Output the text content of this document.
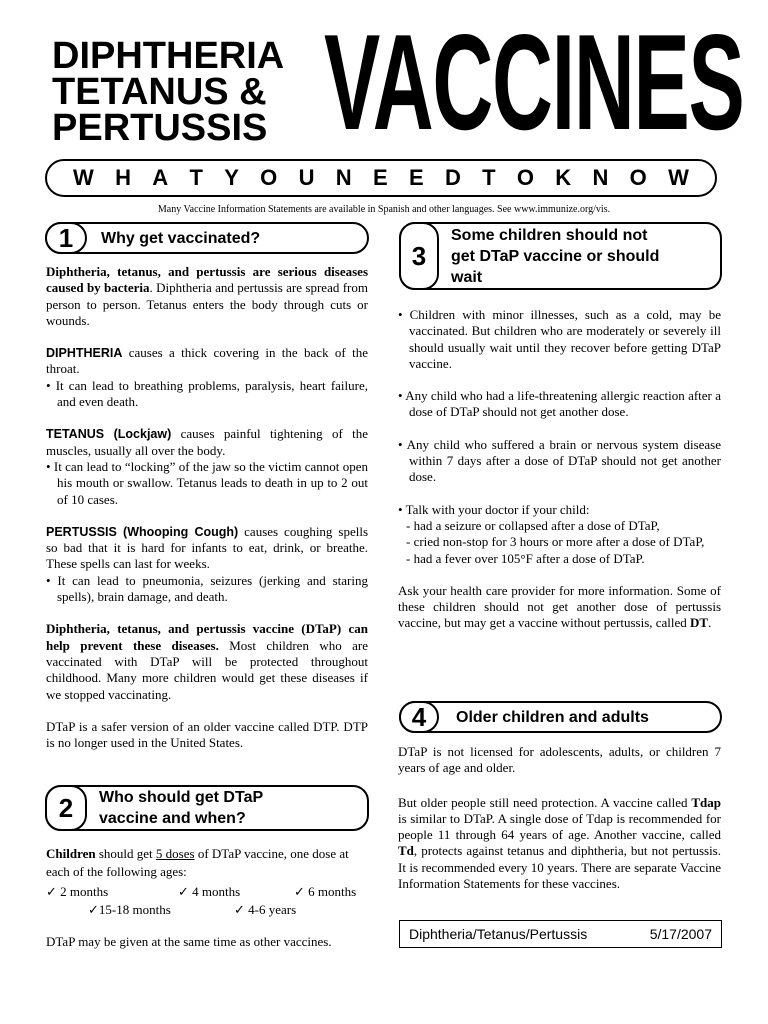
DIPHTHERIA
TETANUS &
PERTUSSIS VACCINES
W H A T Y O U N E E D T O K N O W
Many Vaccine Information Statements are available in Spanish and other languages. See www.immunize.org/vis.
1	Why get vaccinated?

Diphtheria, tetanus, and pertussis are serious diseases caused by bacteria. Diphtheria and pertussis are spread from person to person. Tetanus enters the body through cuts or wounds.

DIPHTHERIA causes a thick covering in the back of the throat.

• It can lead to breathing problems, paralysis, heart failure, and even death.

TETANUS (Lockjaw) causes painful tightening of the muscles, usually all over the body.

• It can lead to “locking” of the jaw so the victim cannot open his mouth or swallow. Tetanus leads to death in up to 2 out of 10 cases.

PERTUSSIS (Whooping Cough) causes coughing spells so bad that it is hard for infants to eat, drink, or breathe. These spells can last for weeks.

• It can lead to pneumonia, seizures (jerking and staring spells), brain damage, and death.

Diphtheria, tetanus, and pertussis vaccine (DTaP) can help prevent these diseases. Most children who are vaccinated with DTaP will be protected throughout childhood. Many more children would get these diseases if we stopped vaccinating.

DTaP is a safer version of an older vaccine called DTP. DTP is no longer used in the United States.

2	Who should get DTaP
vaccine and when?

Children should get 5 doses of DTaP vaccine, one dose at each of the following ages:

✓ 2 months	✓ 4 months	✓ 6 months
✓15-18 months	✓ 4-6 years

DTaP may be given at the same time as other vaccines.

3
Some children should not
get DTaP vaccine or should
wait

• Children with minor illnesses, such as a cold, may be vaccinated. But children who are moderately or severely ill should usually wait until they recover before getting DTaP vaccine.

• Any child who had a life-threatening allergic reaction after a dose of DTaP should not get another dose.

• Any child who suffered a brain or nervous system disease within 7 days after a dose of DTaP should not get another dose.

• Talk with your doctor if your child:

- had a seizure or collapsed after a dose of DTaP,

- cried non-stop for 3 hours or more after a dose of DTaP,

- had a fever over 105°F after a dose of DTaP.

Ask your health care provider for more information. Some of these children should not get another dose of pertussis vaccine, but may get a vaccine without pertussis, called DT.

4	Older children and adults

DTaP is not licensed for adolescents, adults, or children 7 years of age and older.

But older people still need protection. A vaccine called Tdap is similar to DTaP. A single dose of Tdap is recommended for people 11 through 64 years of age. Another vaccine, called Td, protects against tetanus and diphtheria, but not pertussis. It is recommended every 10 years. There are separate Vaccine Information Statements for these vaccines.

Diphtheria/Tetanus/Pertussis	5/17/2007
